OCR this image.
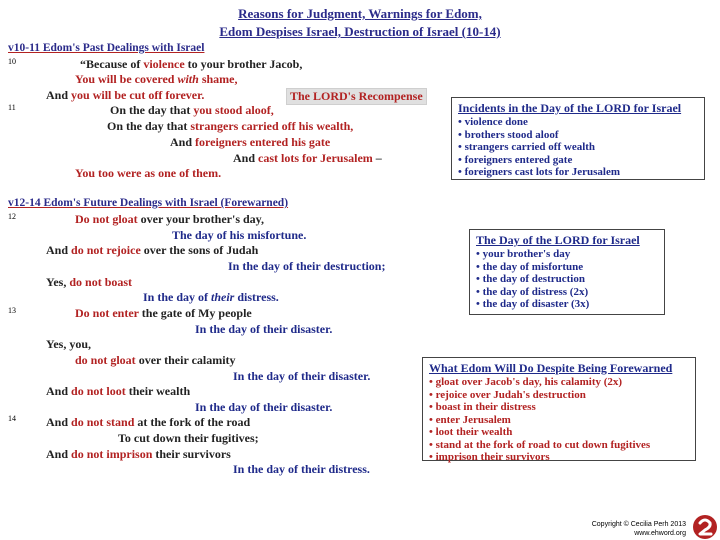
Reasons for Judgment, Warnings for Edom,
Edom Despises Israel, Destruction of Israel (10-14)
v10-11 Edom's Past Dealings with Israel
10
11
“Because of violence to your brother Jacob,
You will be covered with shame,
And you will be cut off forever.	The LORD's Recompense
On the day that you stood aloof,
On the day that strangers carried off his wealth,
And foreigners entered his gate
And cast lots for Jerusalem –
You too were as one of them.
Incidents in the Day of the LORD for Israel
• violence done
• brothers stood aloof
• strangers carried off wealth
• foreigners entered gate
• foreigners cast lots for Jerusalem
v12-14 Edom's Future Dealings with Israel (Forewarned)
12
13
14
Do not gloat over your brother's day,
The day of his misfortune.
And do not rejoice over the sons of Judah
In the day of their destruction;
Yes, do not boast
In the day of their distress.
Do not enter the gate of My people
In the day of their disaster.
Yes, you,
do not gloat over their calamity
In the day of their disaster.
And do not loot their wealth
In the day of their disaster.
And do not stand at the fork of the road
To cut down their fugitives;
And do not imprison their survivors
In the day of their distress.
The Day of the LORD for Israel
• your brother's day
• the day of misfortune
• the day of destruction
• the day of distress (2x)
• the day of disaster (3x)
What Edom Will Do Despite Being Forewarned
• gloat over Jacob's day, his calamity (2x)
• rejoice over Judah's destruction
• boast in their distress
• enter Jerusalem
• loot their wealth
• stand at the fork of road to cut down fugitives
• imprison their survivors
Copyright © Cecilia Perh 2013
www.ehword.org
